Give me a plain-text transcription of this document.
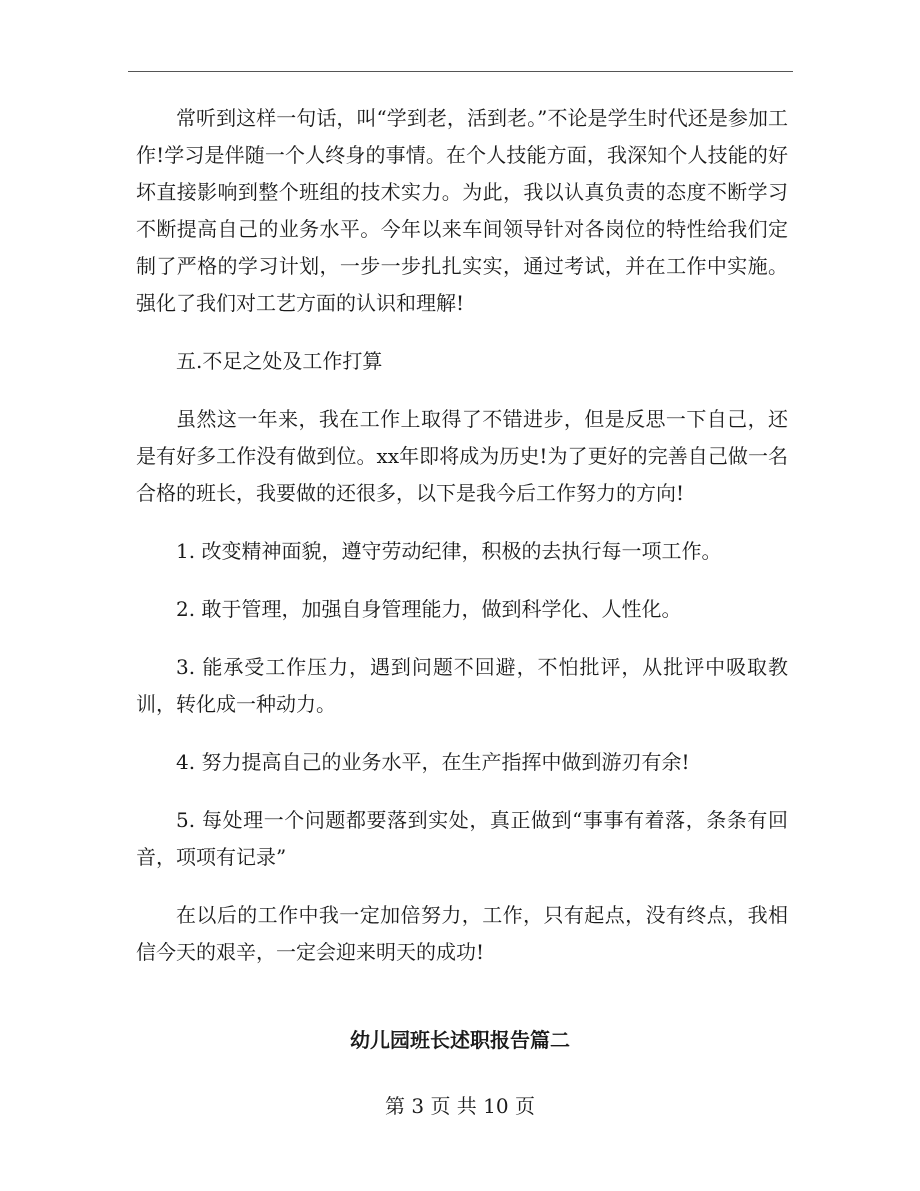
常听到这样一句话，叫“学到老，活到老。”不论是学生时代还是参加工作!学习是伴随一个人终身的事情。在个人技能方面，我深知个人技能的好坏直接影响到整个班组的技术实力。为此，我以认真负责的态度不断学习不断提高自己的业务水平。今年以来车间领导针对各岗位的特性给我们定制了严格的学习计划，一步一步扎扎实实，通过考试，并在工作中实施。强化了我们对工艺方面的认识和理解!

五.不足之处及工作打算

虽然这一年来，我在工作上取得了不错进步，但是反思一下自己，还是有好多工作没有做到位。xx年即将成为历史!为了更好的完善自己做一名合格的班长，我要做的还很多，以下是我今后工作努力的方向!

1. 改变精神面貌，遵守劳动纪律，积极的去执行每一项工作。

2. 敢于管理，加强自身管理能力，做到科学化、人性化。

3. 能承受工作压力，遇到问题不回避，不怕批评，从批评中吸取教训，转化成一种动力。

4. 努力提高自己的业务水平，在生产指挥中做到游刃有余!

5. 每处理一个问题都要落到实处，真正做到“事事有着落，条条有回音，项项有记录”

在以后的工作中我一定加倍努力，工作，只有起点，没有终点，我相信今天的艰辛，一定会迎来明天的成功!

幼儿园班长述职报告篇二
第 3 页 共 10 页
